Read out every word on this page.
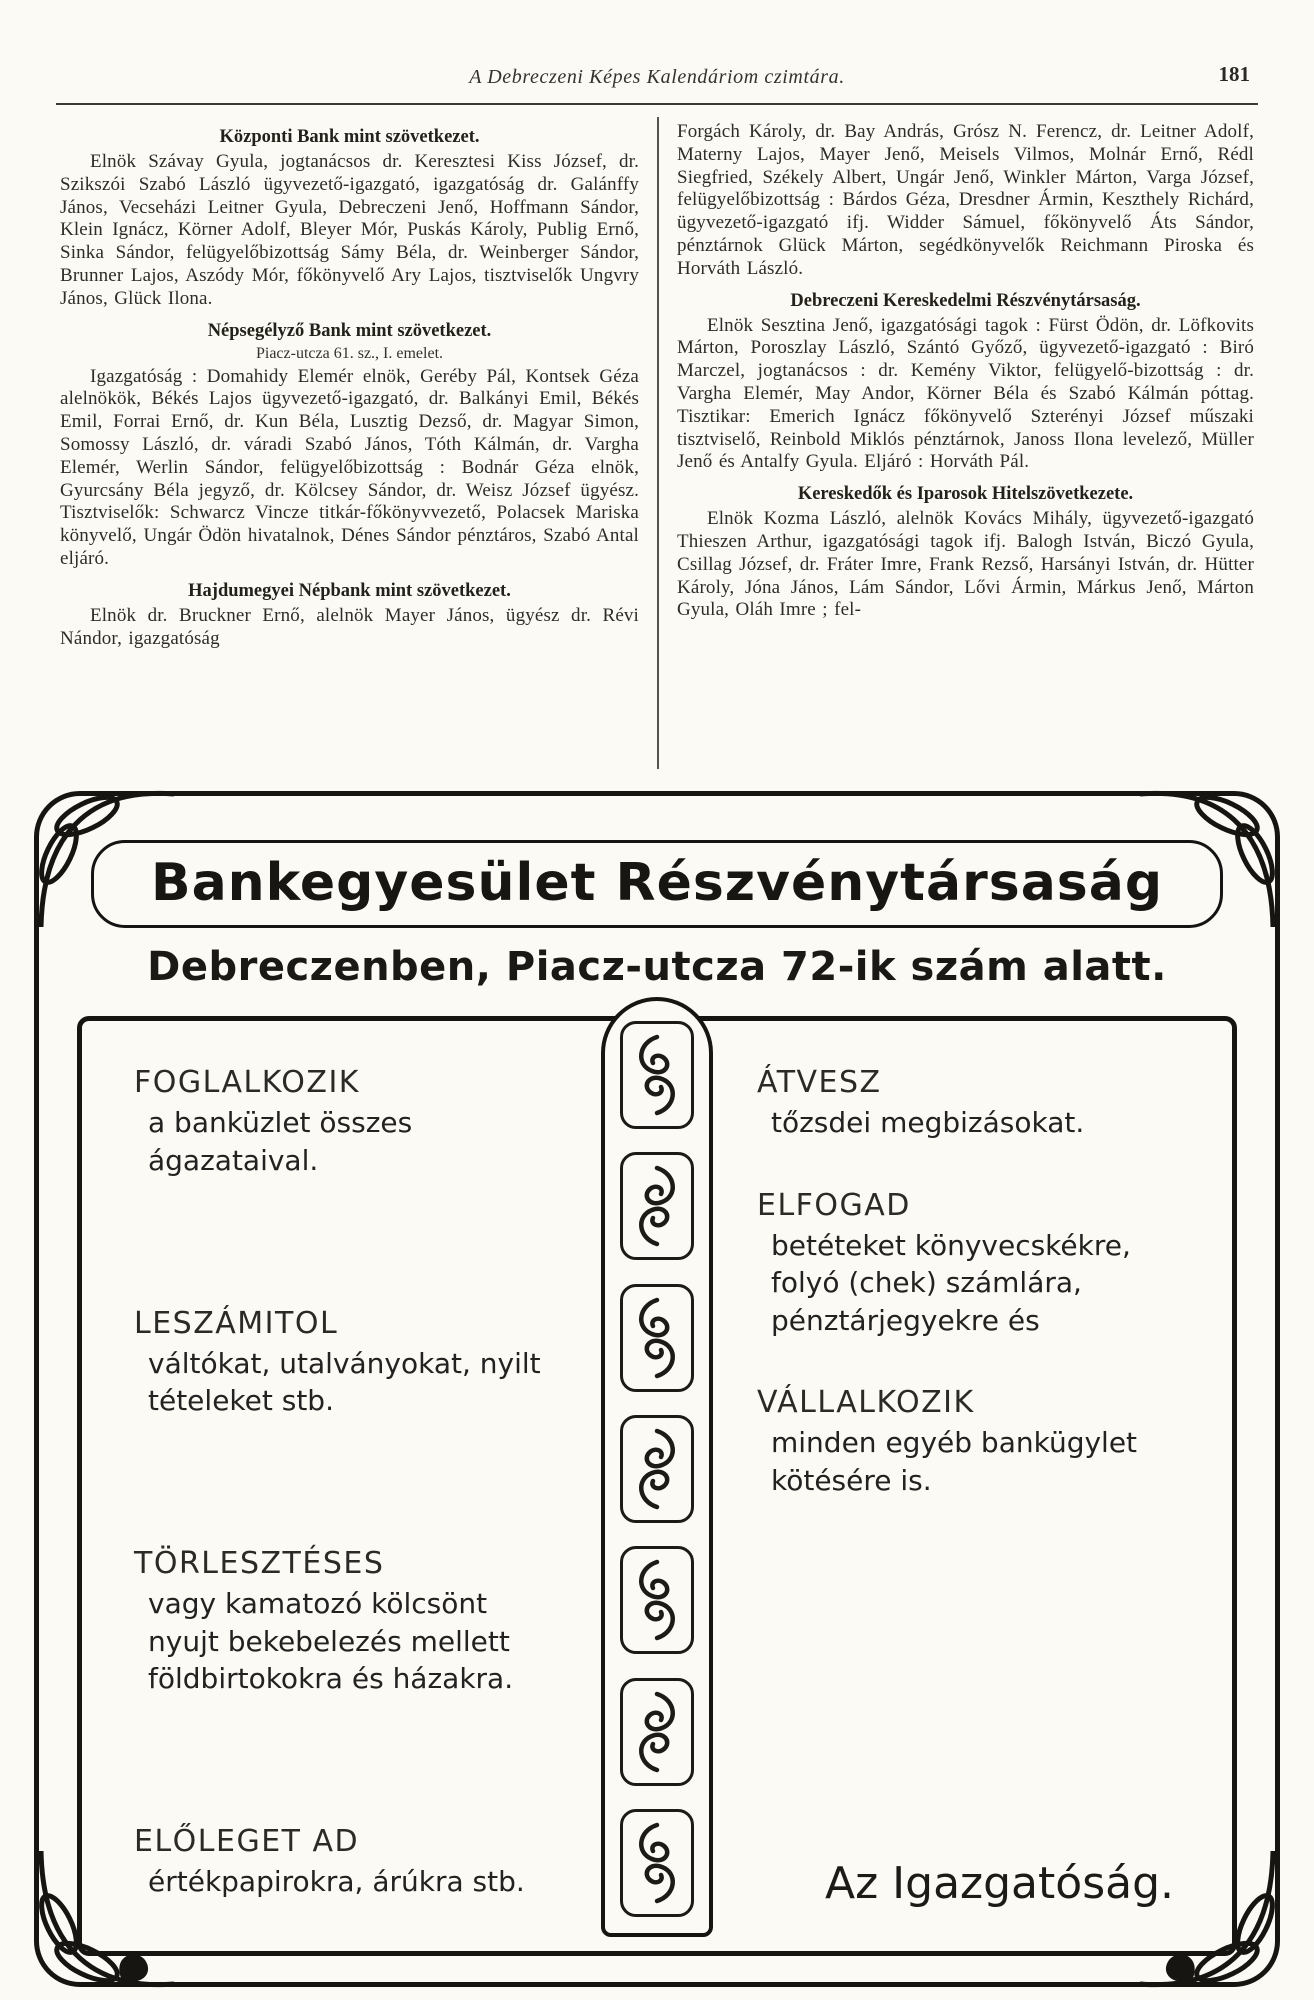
A Debreczeni Képes Kalendáriom czimtára.	181
Központi Bank mint szövetkezet.

Elnök Szávay Gyula, jogtanácsos dr. Keresztesi Kiss József, dr. Szikszói Szabó László ügyvezető-igazgató, igazgatóság dr. Galánffy János, Vecseházi Leitner Gyula, Debreczeni Jenő, Hoffmann Sándor, Klein Ignácz, Körner Adolf, Bleyer Mór, Puskás Károly, Publig Ernő, Sinka Sándor, felügyelőbizottság Sámy Béla, dr. Weinberger Sándor, Brunner Lajos, Aszódy Mór, főkönyvelő Ary Lajos, tisztviselők Ungvry János, Glück Ilona.

Népsegélyző Bank mint szövetkezet.
Piacz-utcza 61. sz., I. emelet.

Igazgatóság : Domahidy Elemér elnök, Geréby Pál, Kontsek Géza alelnökök, Békés Lajos ügyvezető-igazgató, dr. Balkányi Emil, Békés Emil, Forrai Ernő, dr. Kun Béla, Lusztig Dezső, dr. Magyar Simon, Somossy László, dr. váradi Szabó János, Tóth Kálmán, dr. Vargha Elemér, Werlin Sándor, felügyelőbizottság : Bodnár Géza elnök, Gyurcsány Béla jegyző, dr. Kölcsey Sándor, dr. Weisz József ügyész. Tisztviselők: Schwarcz Vincze titkár-főkönyvvezető, Polacsek Mariska könyvelő, Ungár Ödön hivatalnok, Dénes Sándor pénztáros, Szabó Antal eljáró.

Hajdumegyei Népbank mint szövetkezet.

Elnök dr. Bruckner Ernő, alelnök Mayer János, ügyész dr. Révi Nándor, igazgatóság

Forgách Károly, dr. Bay András, Grósz N. Ferencz, dr. Leitner Adolf, Materny Lajos, Mayer Jenő, Meisels Vilmos, Molnár Ernő, Rédl Siegfried, Székely Albert, Ungár Jenő, Winkler Márton, Varga József, felügyelőbizottság : Bárdos Géza, Dresdner Ármin, Keszthely Richárd, ügyvezető-igazgató ifj. Widder Sámuel, főkönyvelő Áts Sándor, pénztárnok Glück Márton, segédkönyvelők Reichmann Piroska és Horváth László.

Debreczeni Kereskedelmi Részvénytársaság.

Elnök Sesztina Jenő, igazgatósági tagok : Fürst Ödön, dr. Löfkovits Márton, Poroszlay László, Szántó Győző, ügyvezető-igazgató : Biró Marczel, jogtanácsos : dr. Kemény Viktor, felügyelő-bizottság : dr. Vargha Elemér, May Andor, Körner Béla és Szabó Kálmán póttag. Tisztikar: Emerich Ignácz főkönyvelő Szterényi József műszaki tisztviselő, Reinbold Miklós pénztárnok, Janoss Ilona levelező, Müller Jenő és Antalfy Gyula. Eljáró : Horváth Pál.

Kereskedők és Iparosok Hitelszövetkezete.

Elnök Kozma László, alelnök Kovács Mihály, ügyvezető-igazgató Thieszen Arthur, igazgatósági tagok ifj. Balogh István, Biczó Gyula, Csillag József, dr. Fráter Imre, Frank Rezső, Harsányi István, dr. Hütter Károly, Jóna János, Lám Sándor, Lővi Ármin, Márkus Jenő, Márton Gyula, Oláh Imre ; fel-

Bankegyesület Részvénytársaság
Debreczenben, Piacz-utcza 72-ik szám alatt.
FOGLALKOZIK
a banküzlet összes ágazataival.
LESZÁMITOL
váltókat, utalványokat, nyilt tételeket stb.
TÖRLESZTÉSES
vagy kamatozó kölcsönt nyujt bekebelezés mellett földbirtokokra és házakra.
ELŐLEGET AD
értékpapirokra, árúkra stb.
ÁTVESZ
tőzsdei megbizásokat.
ELFOGAD
betéteket könyvecskékre, folyó (chek) számlára, pénztárjegyekre és
VÁLLALKOZIK
minden egyéb bankügylet kötésére is.
Az Igazgatóság.
